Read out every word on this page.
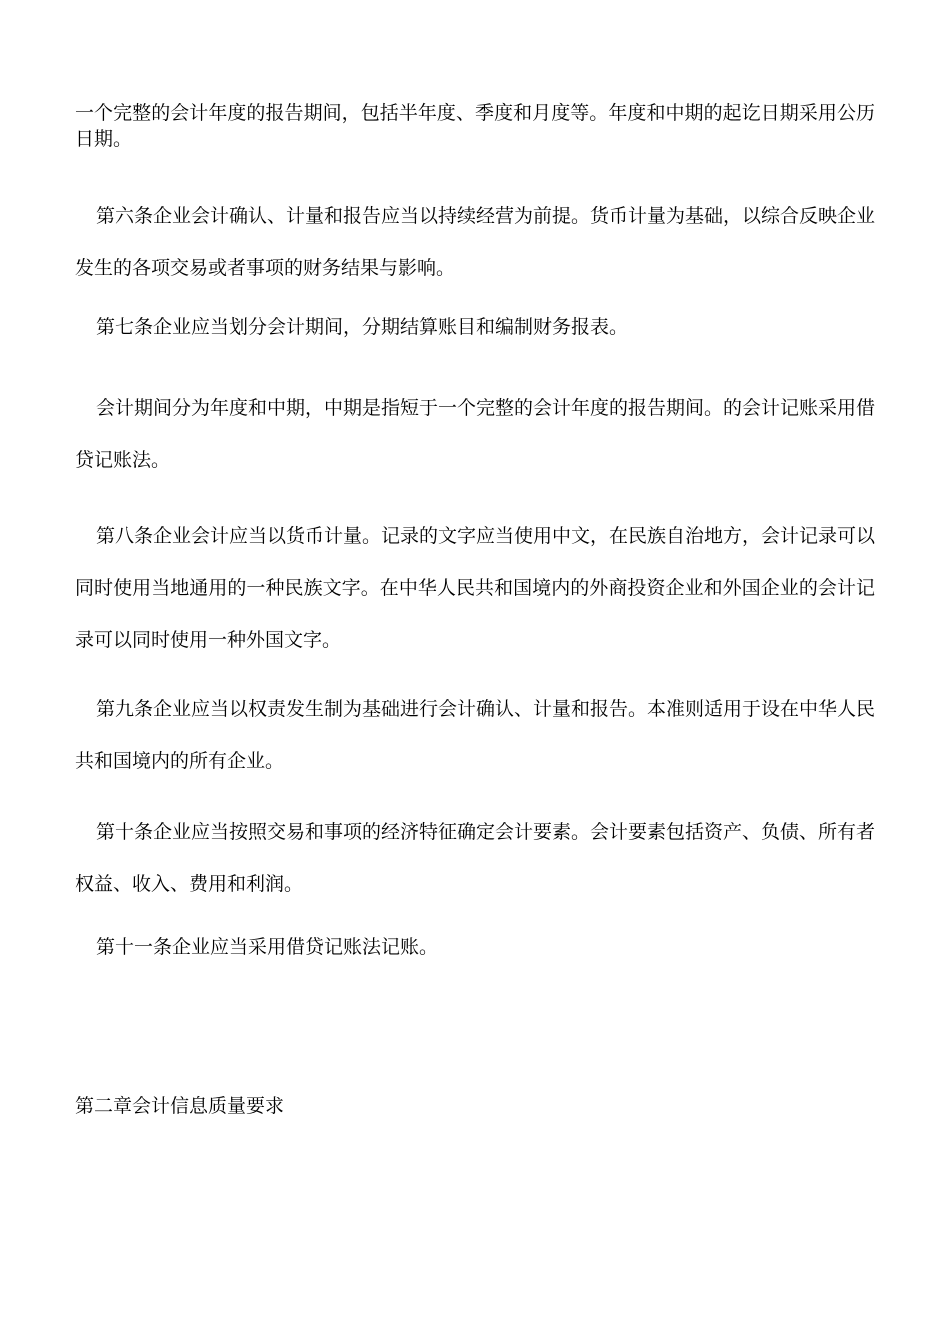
一个完整的会计年度的报告期间，包括半年度、季度和月度等。年度和中期的起讫日期采用公历日期。

第六条企业会计确认、计量和报告应当以持续经营为前提。货币计量为基础，以综合反映企业发生的各项交易或者事项的财务结果与影响。

第七条企业应当划分会计期间，分期结算账目和编制财务报表。

会计期间分为年度和中期，中期是指短于一个完整的会计年度的报告期间。的会计记账采用借贷记账法。

第八条企业会计应当以货币计量。记录的文字应当使用中文，在民族自治地方，会计记录可以同时使用当地通用的一种民族文字。在中华人民共和国境内的外商投资企业和外国企业的会计记录可以同时使用一种外国文字。

第九条企业应当以权责发生制为基础进行会计确认、计量和报告。本准则适用于设在中华人民共和国境内的所有企业。

第十条企业应当按照交易和事项的经济特征确定会计要素。会计要素包括资产、负债、所有者权益、收入、费用和利润。

第十一条企业应当采用借贷记账法记账。

第二章会计信息质量要求
